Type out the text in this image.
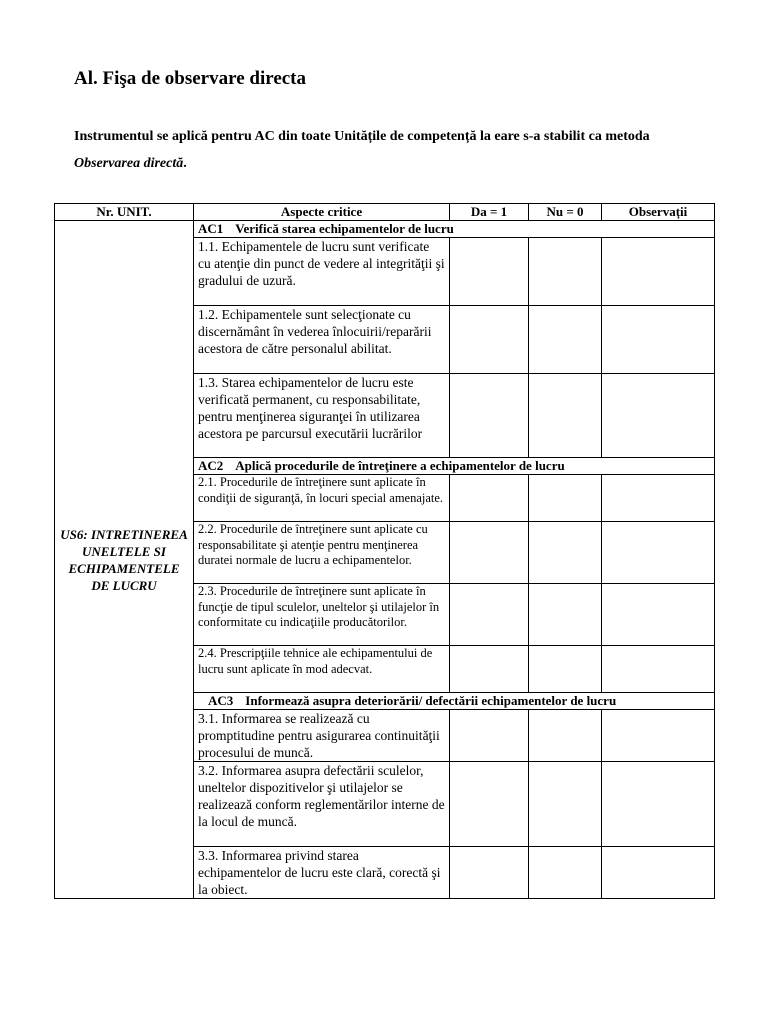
Al. Fişa de observare directa

Instrumentul se aplică pentru AC din toate Unitățile de competență la eare s-a stabilit ca metoda Observarea directă.

Nr. UNIT.	Aspecte critice	Da = 1	Nu = 0	Observații
US6: INTRETINEREA UNELTELE SI ECHIPAMENTELE DE LUCRU	AC1 Verifică starea echipamentelor de lucru			
	1.1. Echipamentele de lucru sunt verificate cu atenţie din punct de vedere al integrităţii şi gradului de uzură.			
	1.2. Echipamentele sunt selecţionate cu discernământ în vederea înlocuirii/reparării acestora de către personalul abilitat.			
	1.3. Starea echipamentelor de lucru este verificată permanent, cu responsabilitate, pentru menţinerea siguranţei în utilizarea acestora pe parcursul executării lucrărilor			
	AC2 Aplică procedurile de întreţinere a echipamentelor de lucru			
	2.1. Procedurile de întreţinere sunt aplicate în condiţii de siguranţă, în locuri special amenajate.			
	2.2. Procedurile de întreţinere sunt aplicate cu responsabilitate şi atenţie pentru menţinerea duratei normale de lucru a echipamentelor.			
	2.3. Procedurile de întreţinere sunt aplicate în funcţie de tipul sculelor, uneltelor şi utilajelor în conformitate cu indicaţiile producătorilor.			
	2.4. Prescripţiile tehnice ale echipamentului de lucru sunt aplicate în mod adecvat.			
	AC3 Informează asupra deteriorării/ defectării echipamentelor de lucru			
	3.1. Informarea se realizează cu promptitudine pentru asigurarea continuităţii procesului de muncă.			
	3.2. Informarea asupra defectării sculelor, uneltelor dispozitivelor şi utilajelor se realizează conform reglementărilor interne de la locul de muncă.			
	3.3. Informarea privind starea echipamentelor de lucru este clară, corectă şi la obiect.			
